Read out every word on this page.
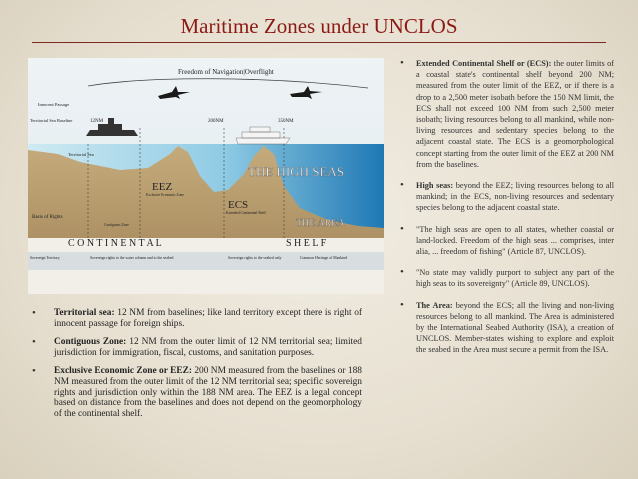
Maritime Zones under UNCLOS
Freedom of Navigation|Overflight
Innocent Passage
Territorial Sea Baseline	12NM	200NM	350NM
Territorial Sea
EEZ
Exclusive Economic Zone
ECS
Extended Continental Shelf
THE HIGH SEAS
THE AREA
Basis of Rights
Contiguous Zone
C O N T I N E N T A L	S H E L F
Sovereign Territory	Sovereign rights to the water column and to the seabed	Sovereign rights to the seabed only	Common Heritage of Mankind
• Territorial sea: 12 NM from baselines; like land territory except there is right of innocent passage for foreign ships.
• Contiguous Zone: 12 NM from the outer limit of 12 NM territorial sea; limited jurisdiction for immigration, fiscal, customs, and sanitation purposes.
• Exclusive Economic Zone or EEZ: 200 NM measured from the baselines or 188 NM measured from the outer limit of the 12 NM territorial sea; specific sovereign rights and jurisdiction only within the 188 NM area. The EEZ is a legal concept based on distance from the baselines and does not depend on the geomorphology of the continental shelf.
• Extended Continental Shelf or (ECS): the outer limits of a coastal state's continental shelf beyond 200 NM; measured from the outer limit of the EEZ, or if there is a drop to a 2,500 meter isobath before the 150 NM limit, the ECS shall not exceed 100 NM from such 2,500 meter isobath; living resources belong to all mankind, while non-living resources and sedentary species belong to the adjacent coastal state. The ECS is a geomorphological concept starting from the outer limit of the EEZ at 200 NM from the baselines.
• High seas: beyond the EEZ; living resources belong to all mankind; in the ECS, non-living resources and sedentary species belong to the adjacent coastal state.
• "The high seas are open to all states, whether coastal or land-locked. Freedom of the high seas ... comprises, inter alia, ... freedom of fishing" (Article 87, UNCLOS).
• "No state may validly purport to subject any part of the high seas to its sovereignty" (Article 89, UNCLOS).
• The Area: beyond the ECS; all the living and non-living resources belong to all mankind. The Area is administered by the International Seabed Authority (ISA), a creation of UNCLOS. Member-states wishing to explore and exploit the seabed in the Area must secure a permit from the ISA.
